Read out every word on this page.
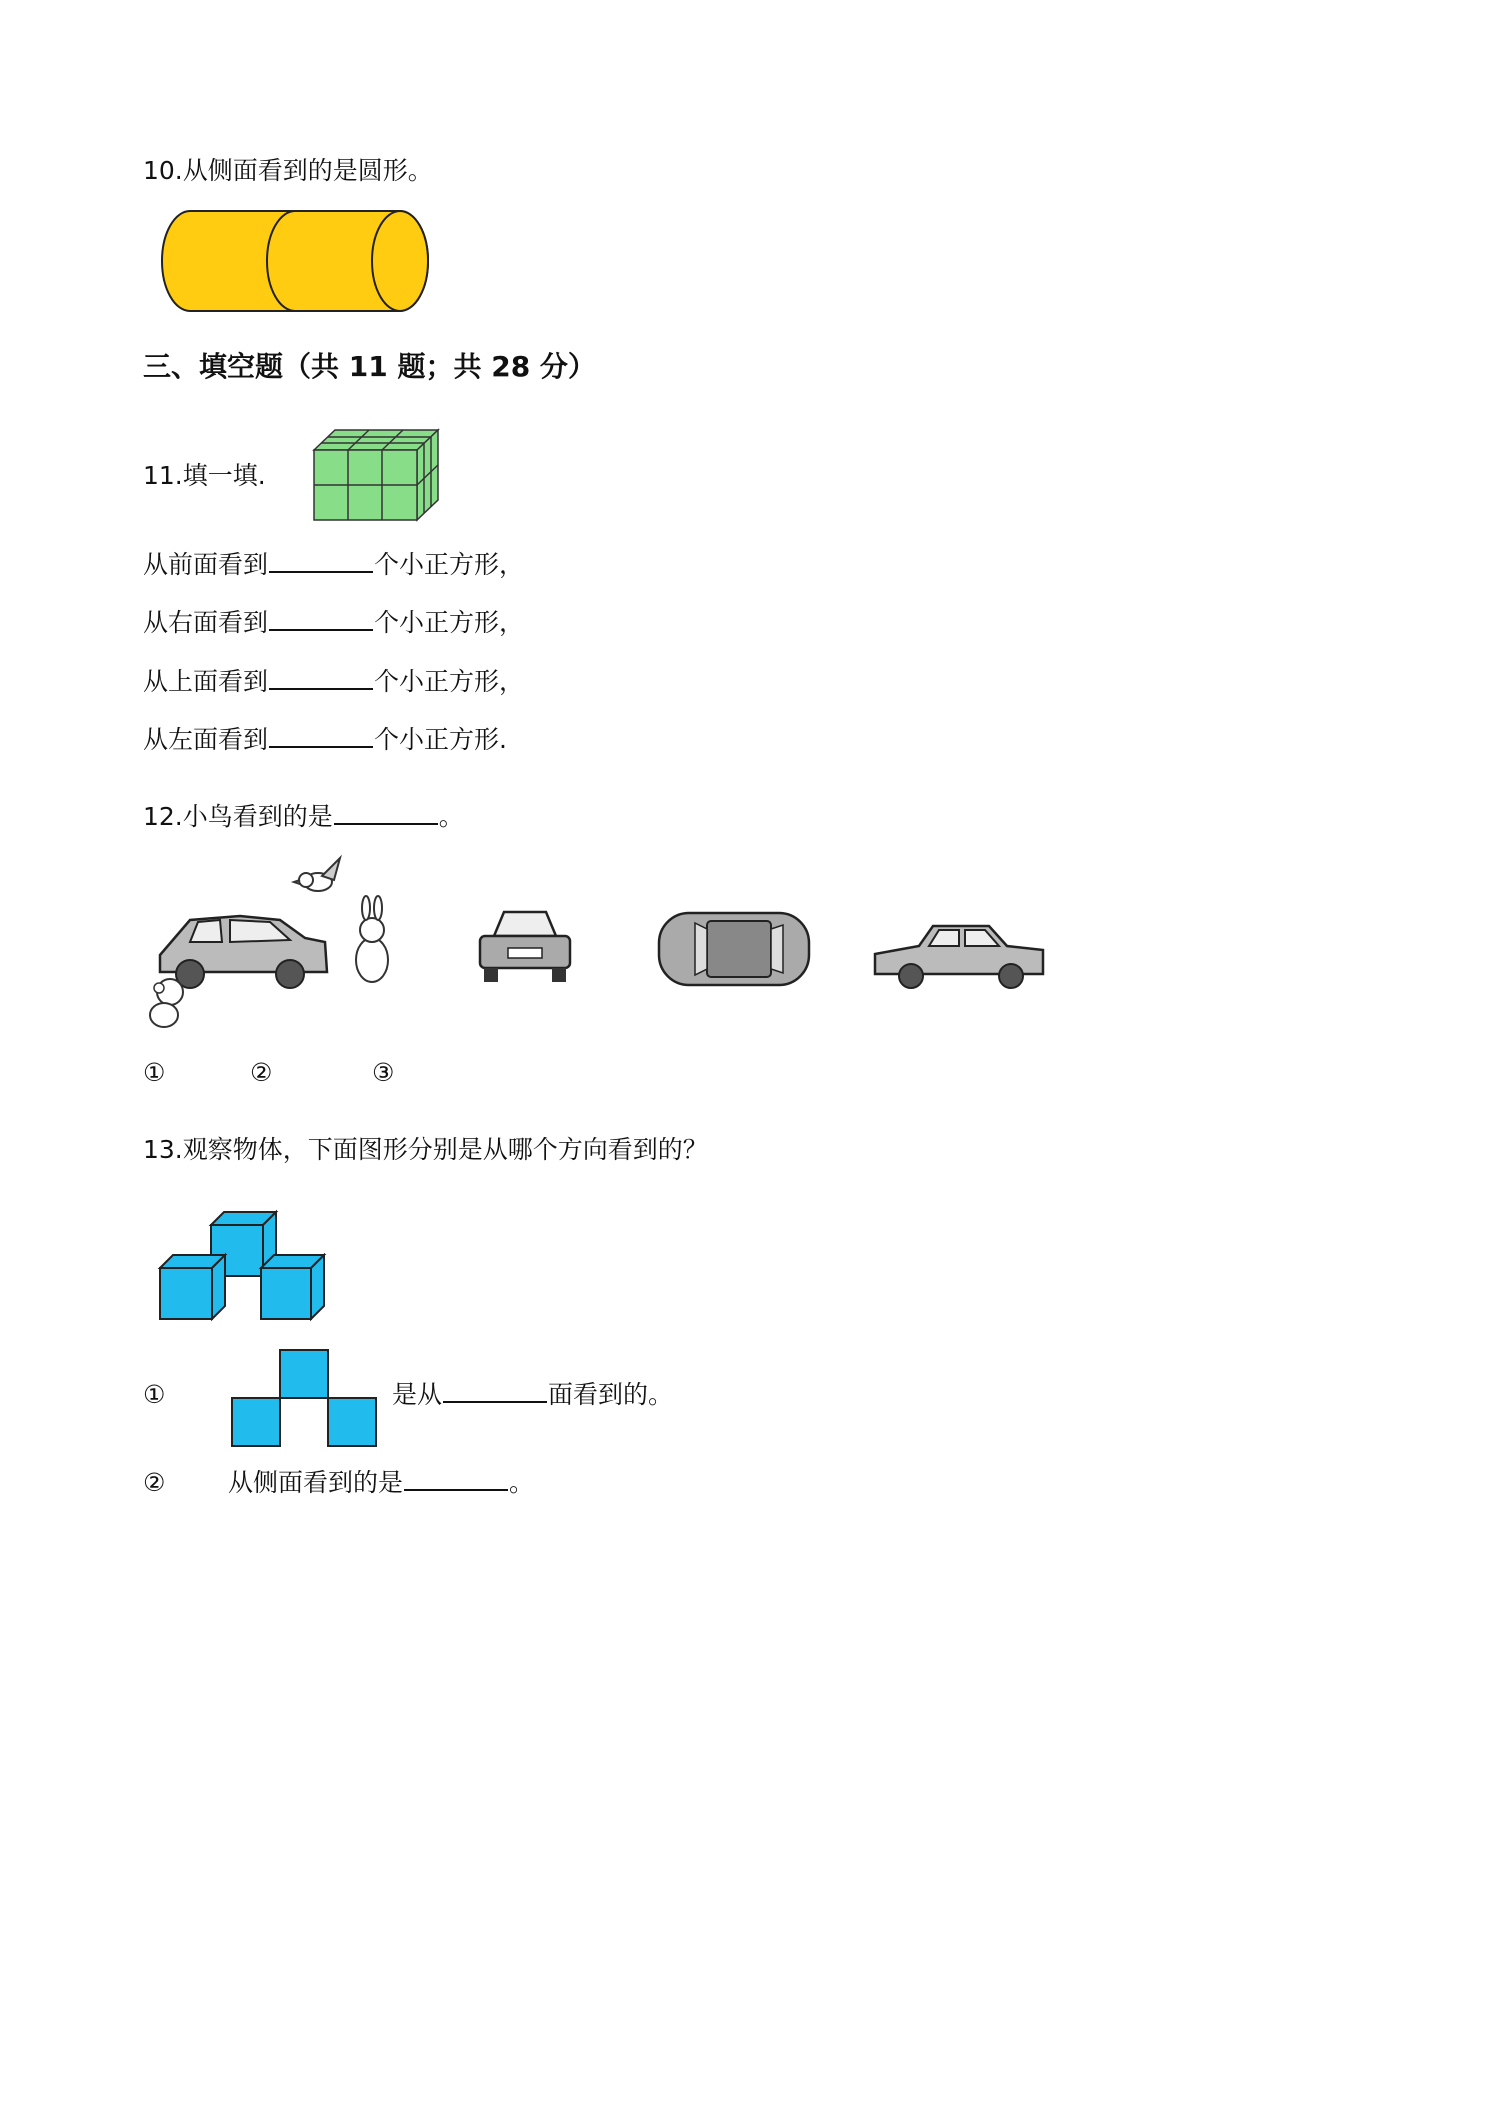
10.从侧面看到的是圆形。
三、填空题（共 11 题；共 28 分）
11.填一填.
从前面看到	个小正方形，
从右面看到	个小正方形，
从上面看到	个小正方形，
从左面看到	个小正方形.
12.小鸟看到的是	。
①	②	③
13.观察物体，下面图形分别是从哪个方向看到的？
①	是从	面看到的。
②	从侧面看到的是	。
